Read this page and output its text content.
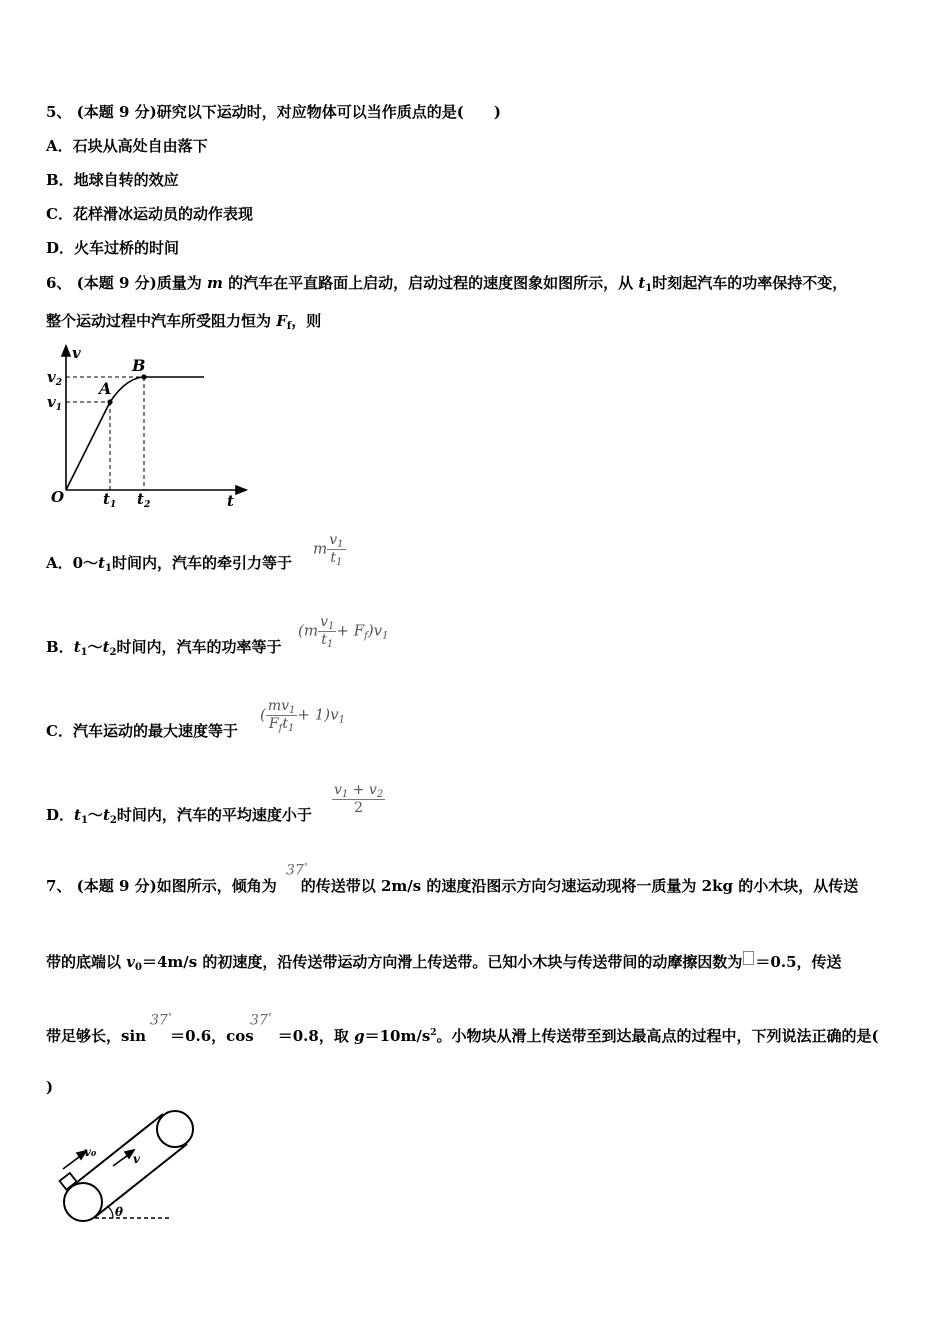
5、 (本题 9 分)研究以下运动时，对应物体可以当作质点的是(　　)
A．石块从高处自由落下
B．地球自转的效应
C．花样滑冰运动员的动作表现
D．火车过桥的时间
6、 (本题 9 分)质量为 m 的汽车在平直路面上启动，启动过程的速度图象如图所示，从 $t_1$时刻起汽车的功率保持不变，
整个运动过程中汽车所受阻力恒为 $F_f$，则
v
t
O
A
B
$v_2$
$v_1$
$t_1$ $t_2$
A．$0\sim t_1$时间内，汽车的牵引力等于
m $\frac{v_1}{t_1}$
B．$t_1\sim t_2$时间内，汽车的功率等于
$(m \frac{v_1}{t_1} + F_f)v_1$
C．汽车运动的最大速度等于
( $\frac{mv_1}{F_ft_1} + 1)v_1$
D．$t_1\sim t_2$时间内，汽车的平均速度小于 $\frac{v_1 + v_2}{2}$
7、 (本题 9 分)如图所示，倾角为 的传送带以 2m/s 的速度沿图示方向匀速运动现将一质量为 2kg 的小木块，从传送
37°
带的底端以 $v_0=4m/s$ 的初速度，沿传送带运动方向滑上传送带。已知小木块与传送带间的动摩擦因数为 ＝0.5，传送
带足够长，sin ＝0.6，cos ＝0.8，取 $g=10m/s^2$。小物块从滑上传送带至到达最高点的过程中，下列说法正确的是(
37°	37°
)
v₀	v
θ
